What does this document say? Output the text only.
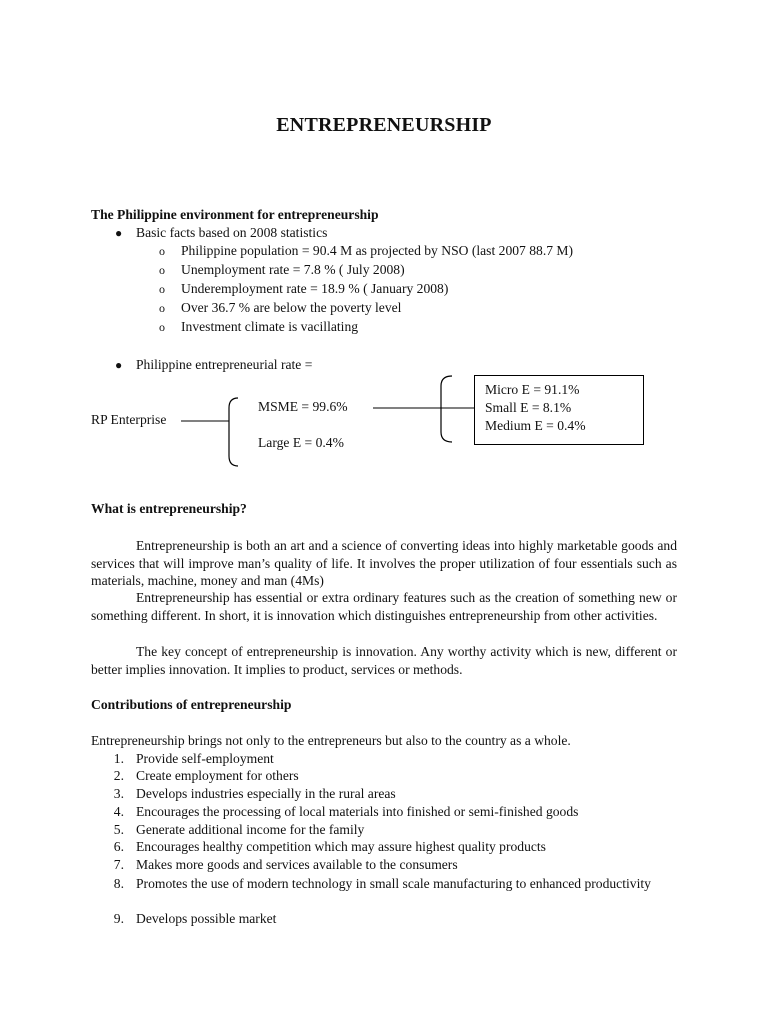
ENTREPRENEURSHIP
The Philippine environment for entrepreneurship
● Basic facts based on 2008 statistics
o Philippine population = 90.4 M as projected by NSO (last 2007 88.7 M)
o Unemployment rate = 7.8 % ( July 2008)
o Underemployment rate = 18.9 % ( January 2008)
o Over 36.7 % are below the poverty level
o Investment climate is vacillating
● Philippine entrepreneurial rate =
RP Enterprise
MSME = 99.6%
Large E = 0.4%
Micro E = 91.1%
Small E = 8.1%
Medium E = 0.4%
What is entrepreneurship?
Entrepreneurship is both an art and a science of converting ideas into highly marketable goods and services that will improve man’s quality of life. It involves the proper utilization of four essentials such as materials, machine, money and man (4Ms)
Entrepreneurship has essential or extra ordinary features such as the creation of something new or something different. In short, it is innovation which distinguishes entrepreneurship from other activities.
The key concept of entrepreneurship is innovation. Any worthy activity which is new, different or better implies innovation. It implies to product, services or methods.
Contributions of entrepreneurship
Entrepreneurship brings not only to the entrepreneurs but also to the country as a whole.
1. Provide self-employment
2. Create employment for others
3. Develops industries especially in the rural areas
4. Encourages the processing of local materials into finished or semi-finished goods
5. Generate additional income for the family
6. Encourages healthy competition which may assure highest quality products
7. Makes more goods and services available to the consumers
8. Promotes the use of modern technology in small scale manufacturing to enhanced productivity
9. Develops possible market
